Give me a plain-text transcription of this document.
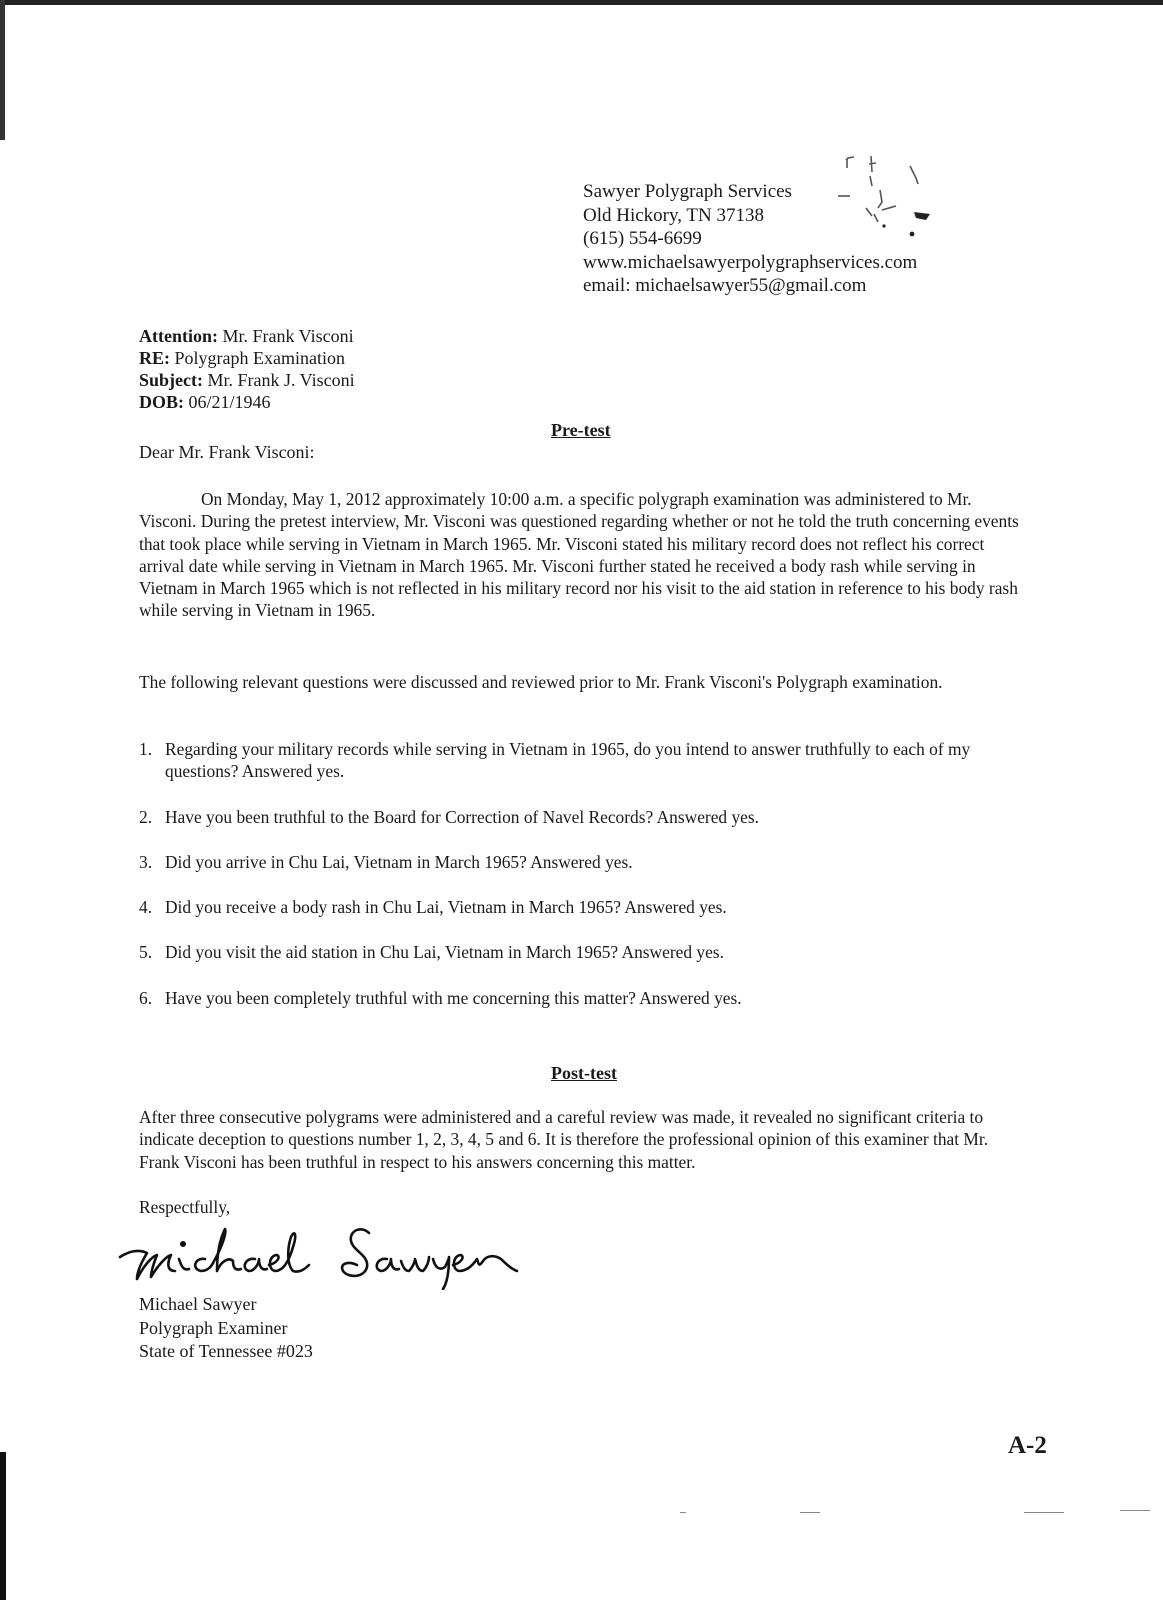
Sawyer Polygraph Services
Old Hickory, TN 37138
(615) 554-6699
www.michaelsawyerpolygraphservices.com
email: michaelsawyer55@gmail.com
Attention: Mr. Frank Visconi
RE: Polygraph Examination
Subject: Mr. Frank J. Visconi
DOB: 06/21/1946
Pre-test
Dear Mr. Frank Visconi:
On Monday, May 1, 2012 approximately 10:00 a.m. a specific polygraph examination was administered to Mr. Visconi. During the pretest interview, Mr. Visconi was questioned regarding whether or not he told the truth concerning events that took place while serving in Vietnam in March 1965. Mr. Visconi stated his military record does not reflect his correct arrival date while serving in Vietnam in March 1965. Mr. Visconi further stated he received a body rash while serving in Vietnam in March 1965 which is not reflected in his military record nor his visit to the aid station in reference to his body rash while serving in Vietnam in 1965.
The following relevant questions were discussed and reviewed prior to Mr. Frank Visconi's Polygraph examination.
1. Regarding your military records while serving in Vietnam in 1965, do you intend to answer truthfully to each of my questions? Answered yes.
2. Have you been truthful to the Board for Correction of Navel Records? Answered yes.
3. Did you arrive in Chu Lai, Vietnam in March 1965? Answered yes.
4. Did you receive a body rash in Chu Lai, Vietnam in March 1965? Answered yes.
5. Did you visit the aid station in Chu Lai, Vietnam in March 1965? Answered yes.
6. Have you been completely truthful with me concerning this matter? Answered yes.
Post-test
After three consecutive polygrams were administered and a careful review was made, it revealed no significant criteria to indicate deception to questions number 1, 2, 3, 4, 5 and 6. It is therefore the professional opinion of this examiner that Mr. Frank Visconi has been truthful in respect to his answers concerning this matter.
Respectfully,
Michael Sawyer
Polygraph Examiner
State of Tennessee #023
A-2
